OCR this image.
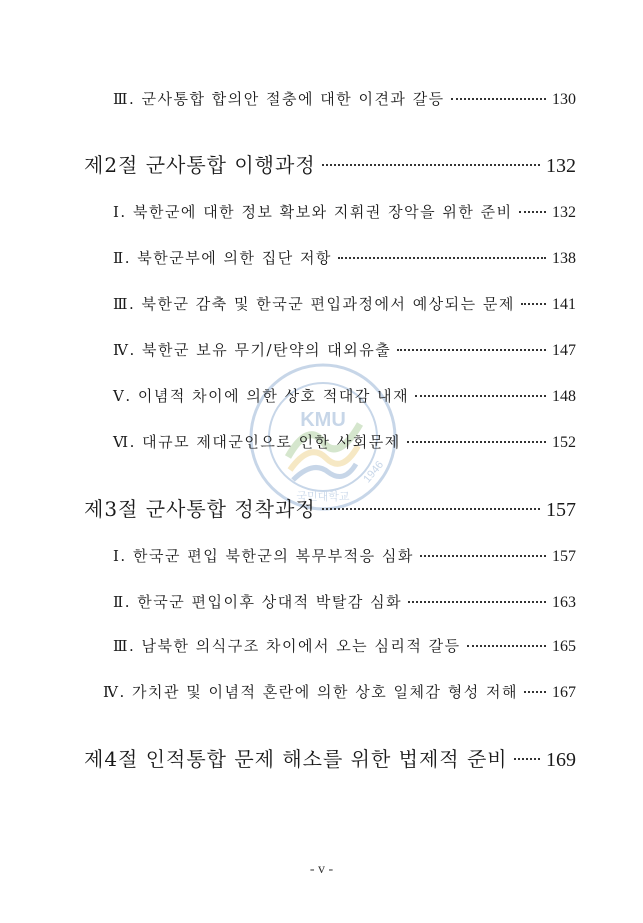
KMU
1946
국민대학교
Ⅲ. 군사통합 합의안 절충에 대한 이견과 갈등	130
제2절 군사통합 이행과정	132
Ⅰ. 북한군에 대한 정보 확보와 지휘권 장악을 위한 준비 132
Ⅱ. 북한군부에 의한 집단 저항	138
Ⅲ. 북한군 감축 및 한국군 편입과정에서 예상되는 문제 141
Ⅳ. 북한군 보유 무기/탄약의 대외유출	147
Ⅴ. 이념적 차이에 의한 상호 적대감 내재	148
Ⅵ. 대규모 제대군인으로 인한 사회문제	152
제3절 군사통합 정착과정	157
Ⅰ. 한국군 편입 북한군의 복무부적응 심화	157
Ⅱ. 한국군 편입이후 상대적 박탈감 심화	163
Ⅲ. 남북한 의식구조 차이에서 오는 심리적 갈등	165
Ⅳ. 가치관 및 이념적 혼란에 의한 상호 일체감 형성 저해 167
제4절 인적통합 문제 해소를 위한 법제적 준비 169
- v -
